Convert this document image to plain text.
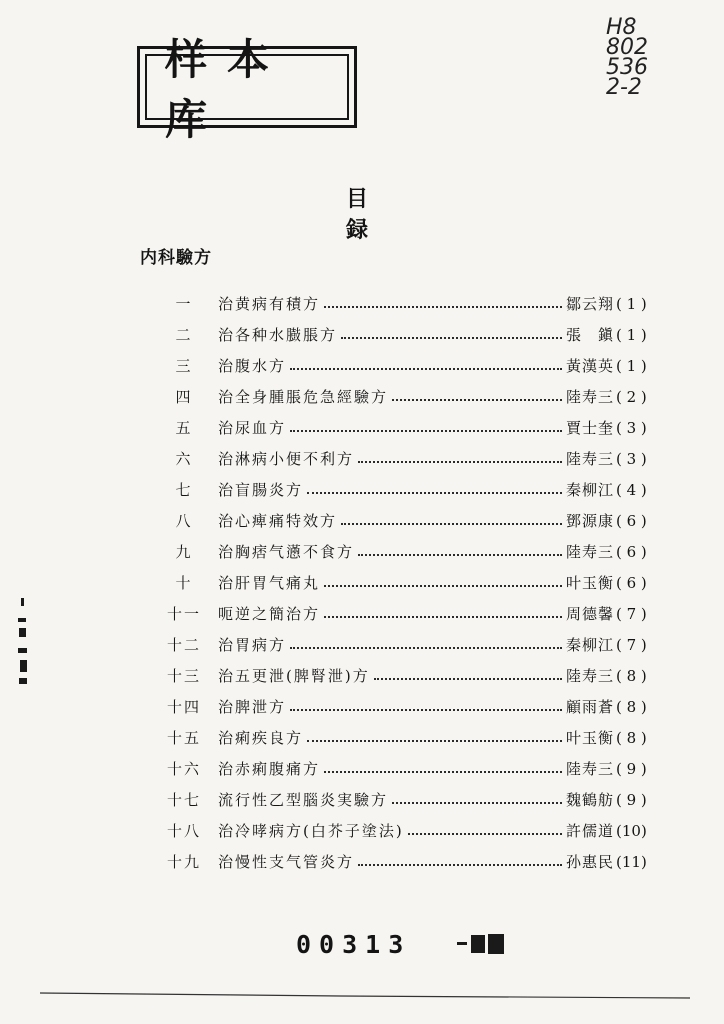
样本库
H8
802
536
2-2
目録
内科驗方
一	治黄病有積方	鄒云翔 ( 1 )
二	治各种水臌脹方	張　鎭 ( 1 )
三	治腹水方	黃漢英 ( 1 )
四	治全身腫脹危急經驗方	陸寿三 ( 2 )
五	治尿血方	賈士奎 ( 3 )
六	治淋病小便不利方	陸寿三 ( 3 )
七	治盲腸炎方	秦柳江 ( 4 )
八	治心痺痛特效方	鄧源康 ( 6 )
九	治胸痞气懣不食方	陸寿三 ( 6 )
十	治肝胃气痛丸	叶玉衡 ( 6 )
十一	呃逆之簡治方	周德馨 ( 7 )
十二	治胃病方	秦柳江 ( 7 )
十三	治五更泄(脾腎泄)方	陸寿三 ( 8 )
十四	治脾泄方	顧雨蒼 ( 8 )
十五	治痢疾良方	叶玉衡 ( 8 )
十六	治赤痢腹痛方	陸寿三 ( 9 )
十七	流行性乙型腦炎実驗方	魏鶴舫 ( 9 )
十八	治冷哮病方(白芥子塗法)	許儒道 (10)
十九	治慢性支气管炎方	孙惠民 (11)
00313
